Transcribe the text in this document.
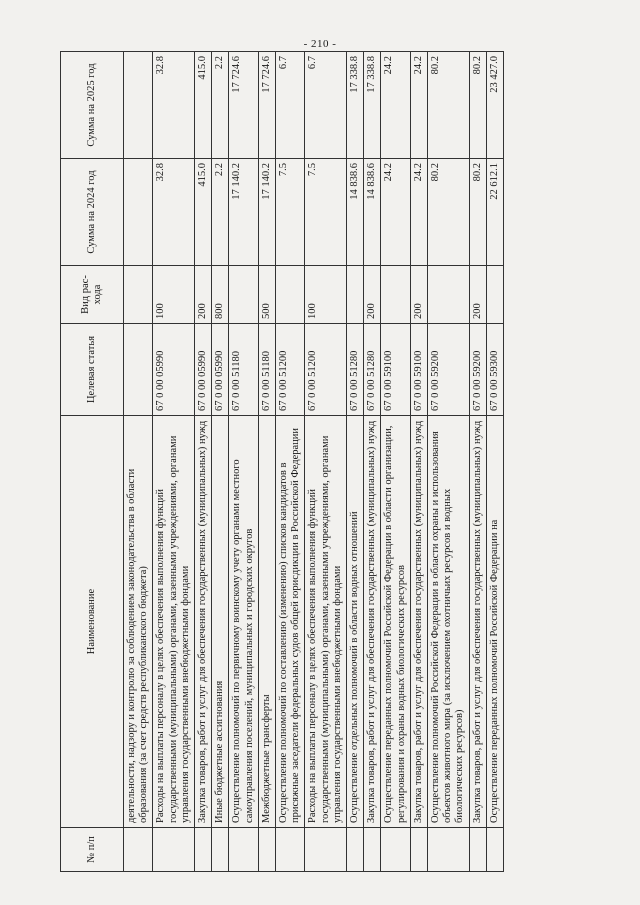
- 210 -
№ п/п	Наименование	Целевая статья	Вид рас-хода	Сумма на 2024 год	Сумма на 2025 год
	деятельности, надзору и контролю за соблюдением законодательства в области образования (за счет средств республиканского бюджета)				
	Расходы на выплаты персоналу в целях обеспечения выполнения функций государственными (муниципальными) органами, казенными учреждениями, органами управления государственными внебюджетными фондами	67 0 00 05990	100	32.8	32.8
	Закупка товаров, работ и услуг для обеспечения государственных (муниципальных) нужд	67 0 00 05990	200	415.0	415.0
	Иные бюджетные ассигнования	67 0 00 05990	800	2.2	2.2
	Осуществление полномочий по первичному воинскому учету органами местного самоуправления поселений, муниципальных и городских округов	67 0 00 51180		17 140.2	17 724.6
	Межбюджетные трансферты	67 0 00 51180	500	17 140.2	17 724.6
	Осуществление полномочий по составлению (изменению) списков кандидатов в присяжные заседатели федеральных судов общей юрисдикции в Российской Федерации	67 0 00 51200		7.5	6.7
	Расходы на выплаты персоналу в целях обеспечения выполнения функций государственными (муниципальными) органами, казенными учреждениями, органами управления государственными внебюджетными фондами	67 0 00 51200	100	7.5	6.7
	Осуществление отдельных полномочий в области водных отношений	67 0 00 51280		14 838.6	17 338.8
	Закупка товаров, работ и услуг для обеспечения государственных (муниципальных) нужд	67 0 00 51280	200	14 838.6	17 338.8
	Осуществление переданных полномочий Российской Федерации в области организации, регулирования и охраны водных биологических ресурсов	67 0 00 59100		24.2	24.2
	Закупка товаров, работ и услуг для обеспечения государственных (муниципальных) нужд	67 0 00 59100	200	24.2	24.2
	Осуществление полномочий Российской Федерации в области охраны и использования объектов животного мира (за исключением охотничьих ресурсов и водных биологических ресурсов)	67 0 00 59200		80.2	80.2
	Закупка товаров, работ и услуг для обеспечения государственных (муниципальных) нужд	67 0 00 59200	200	80.2	80.2
	Осуществление переданных полномочий Российской Федерации на	67 0 00 59300		22 612.1	23 427.0
